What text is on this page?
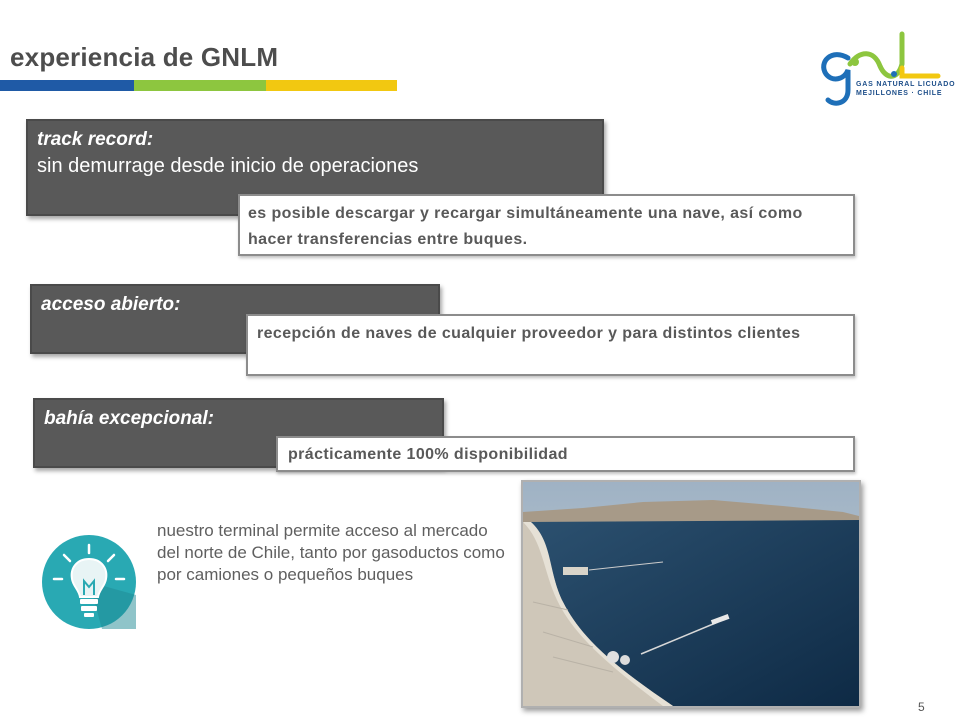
experiencia de GNLM
GAS NATURAL LICUADO
MEJILLONES · CHILE
track record:
sin demurrage desde inicio de operaciones
es posible descargar y recargar simultáneamente una nave, así como hacer transferencias entre buques.
acceso abierto:
recepción de naves de cualquier proveedor y para distintos clientes
bahía excepcional:
prácticamente 100% disponibilidad
nuestro terminal permite acceso al mercado del norte de Chile, tanto por gasoductos como por camiones o pequeños buques
5
